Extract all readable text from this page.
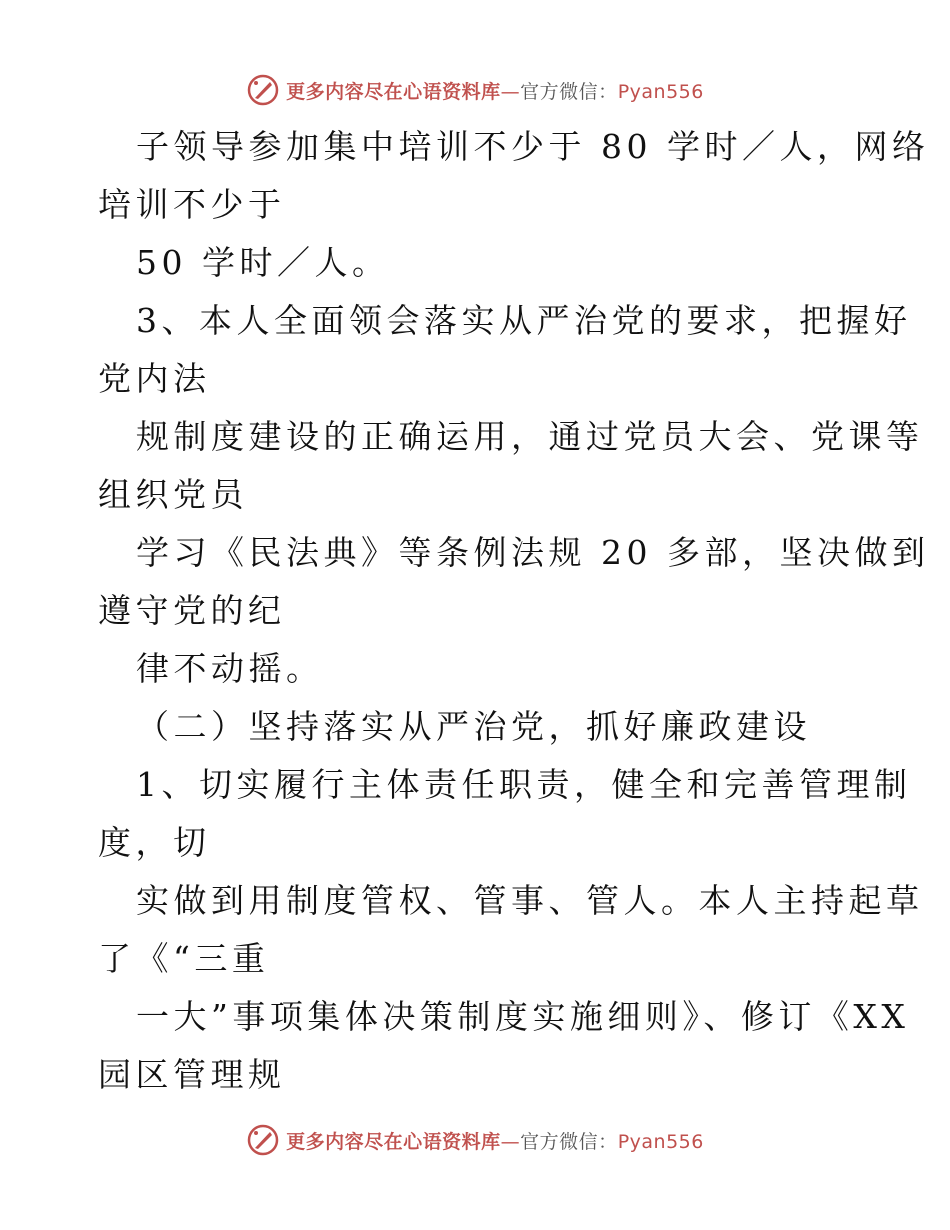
更多内容尽在心语资料库—官方微信：Pyan556
子领导参加集中培训不少于 80 学时／人，网络
培训不少于
50 学时／人。
3、本人全面领会落实从严治党的要求，把握好
党内法
规制度建设的正确运用，通过党员大会、党课等
组织党员
学习《民法典》等条例法规 20 多部，坚决做到
遵守党的纪
律不动摇。
（二）坚持落实从严治党，抓好廉政建设
1、切实履行主体责任职责，健全和完善管理制
度，切
实做到用制度管权、管事、管人。本人主持起草
了《“三重
一大”事项集体决策制度实施细则》、修订《XX
园区管理规
更多内容尽在心语资料库—官方微信：Pyan556
